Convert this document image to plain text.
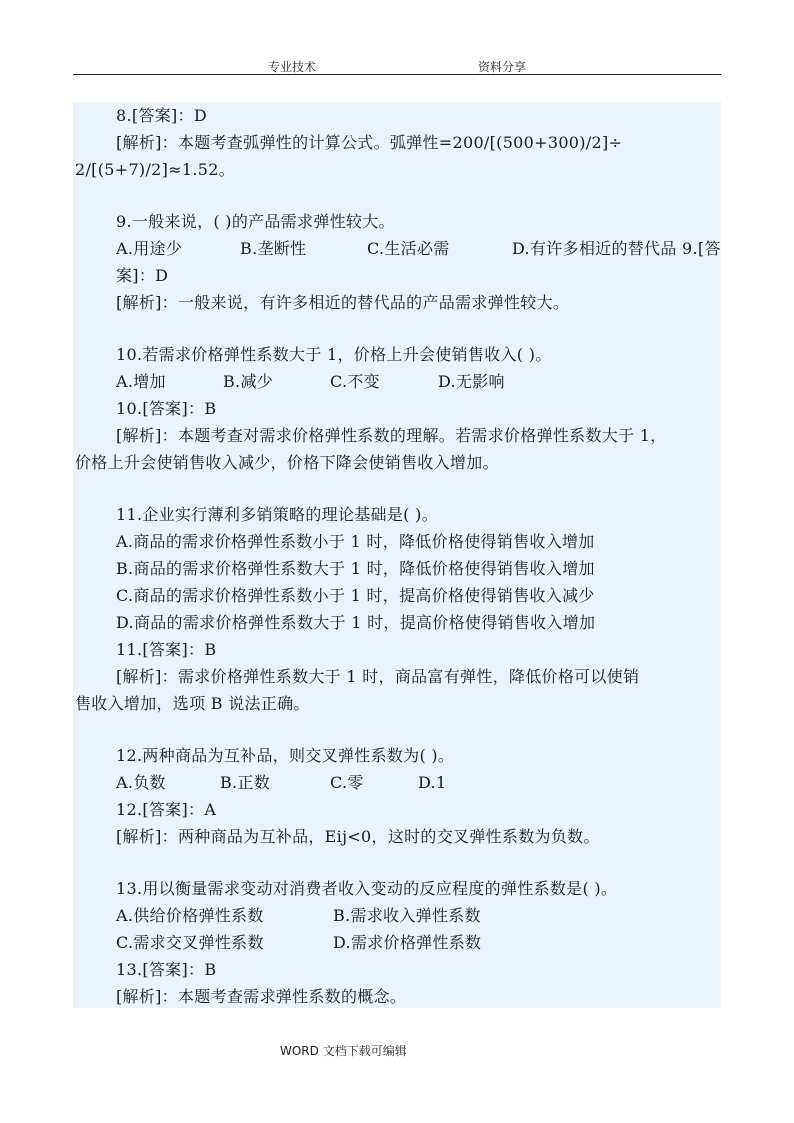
专业技术	资料分享
8.[答案]：D
[解析]：本题考查弧弹性的计算公式。弧弹性=200/[(500+300)/2]÷
2/[(5+7)/2]≈1.52。
9.一般来说，( )的产品需求弹性较大。
A.用途少	B.垄断性	C.生活必需	D.有许多相近的替代品 9.[答
案]：D
[解析]：一般来说，有许多相近的替代品的产品需求弹性较大。
10.若需求价格弹性系数大于 1，价格上升会使销售收入( )。
A.增加	B.减少	C.不变	D.无影响
10.[答案]：B
[解析]：本题考查对需求价格弹性系数的理解。若需求价格弹性系数大于 1，
价格上升会使销售收入减少，价格下降会使销售收入增加。
11.企业实行薄利多销策略的理论基础是( )。
A.商品的需求价格弹性系数小于 1 时，降低价格使得销售收入增加
B.商品的需求价格弹性系数大于 1 时，降低价格使得销售收入增加
C.商品的需求价格弹性系数小于 1 时，提高价格使得销售收入减少
D.商品的需求价格弹性系数大于 1 时，提高价格使得销售收入增加
11.[答案]：B
[解析]：需求价格弹性系数大于 1 时，商品富有弹性，降低价格可以使销
售收入增加，选项 B 说法正确。
12.两种商品为互补品，则交叉弹性系数为( )。
A.负数	B.正数	C.零	D.1
12.[答案]：A
[解析]：两种商品为互补品，Eij<0，这时的交叉弹性系数为负数。
13.用以衡量需求变动对消费者收入变动的反应程度的弹性系数是( )。
A.供给价格弹性系数	B.需求收入弹性系数
C.需求交叉弹性系数	D.需求价格弹性系数
13.[答案]：B
[解析]：本题考查需求弹性系数的概念。
WORD 文档下载可编辑
